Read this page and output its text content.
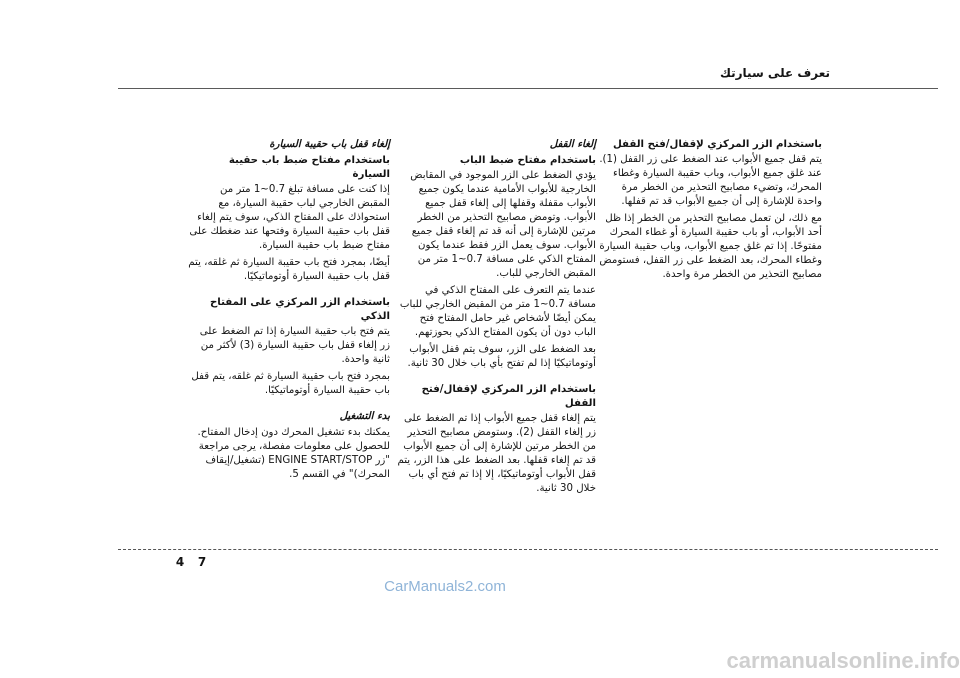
تعرف على سيارتك
باستخدام الزر المركزي لإقفال/فتح القفل

يتم قفل جميع الأبواب عند الضغط على زر القفل (1). عند غلق جميع الأبواب، وباب حقيبة السيارة وغطاء المحرك، وتضيء مصابيح التحذير من الخطر مرة واحدة للإشارة إلى أن جميع الأبواب قد تم قفلها.

مع ذلك، لن تعمل مصابيح التحذير من الخطر إذا ظل أحد الأبواب، أو باب حقيبة السيارة أو غطاء المحرك مفتوحًا. إذا تم غلق جميع الأبواب، وباب حقيبة السيارة وغطاء المحرك، بعد الضغط على زر القفل، فستومض مصابيح التحذير من الخطر مرة واحدة.

إلغاء القفل
باستخدام مفتاح ضبط الباب

يؤدي الضغط على الزر الموجود في المقابض الخارجية للأبواب الأمامية عندما يكون جميع الأبواب مقفلة وقفلها إلى إلغاء قفل جميع الأبواب. وتومض مصابيح التحذير من الخطر مرتين للإشارة إلى أنه قد تم إلغاء قفل جميع الأبواب. سوف يعمل الزر فقط عندما يكون المفتاح الذكي على مسافة 0.7~1 متر من المقبض الخارجي للباب.

عندما يتم التعرف على المفتاح الذكي في مسافة 0.7~1 متر من المقبض الخارجي للباب يمكن أيضًا لأشخاص غير حامل المفتاح فتح الباب دون أن يكون المفتاح الذكي بحوزتهم.

بعد الضغط على الزر، سوف يتم قفل الأبواب أوتوماتيكيًا إذا لم تفتح بأي باب خلال 30 ثانية.

باستخدام الزر المركزي لإقفال/فتح القفل

يتم إلغاء قفل جميع الأبواب إذا تم الضغط على زر إلغاء القفل (2). وستومض مصابيح التحذير من الخطر مرتين للإشارة إلى أن جميع الأبواب قد تم إلغاء قفلها. بعد الضغط على هذا الزر، يتم قفل الأبواب أوتوماتيكيًا، إلا إذا تم فتح أي باب خلال 30 ثانية.

إلغاء قفل باب حقيبة السيارة
باستخدام مفتاح ضبط باب حقيبة السيارة

إذا كنت على مسافة تبلغ 0.7~1 متر من المقبض الخارجي لباب حقيبة السيارة، مع استحواذك على المفتاح الذكي، سوف يتم إلغاء قفل باب حقيبة السيارة وفتحها عند ضغطك على مفتاح ضبط باب حقيبة السيارة.

أيضًا، بمجرد فتح باب حقيبة السيارة ثم غلقه، يتم قفل باب حقيبة السيارة أوتوماتيكيًا.

باستخدام الزر المركزي على المفتاح الذكي

يتم فتح باب حقيبة السيارة إذا تم الضغط على زر إلغاء قفل باب حقيبة السيارة (3) لأكثر من ثانية واحدة.

بمجرد فتح باب حقيبة السيارة ثم غلقه، يتم قفل باب حقيبة السيارة أوتوماتيكيًا.

بدء التشغيل

يمكنك بدء تشغيل المحرك دون إدخال المفتاح. للحصول على معلومات مفصلة، يرجى مراجعة "زر ENGINE START/STOP (تشغيل/إيقاف المحرك)" في القسم 5.

4 7
CarManuals2.com
carmanualsonline.info
